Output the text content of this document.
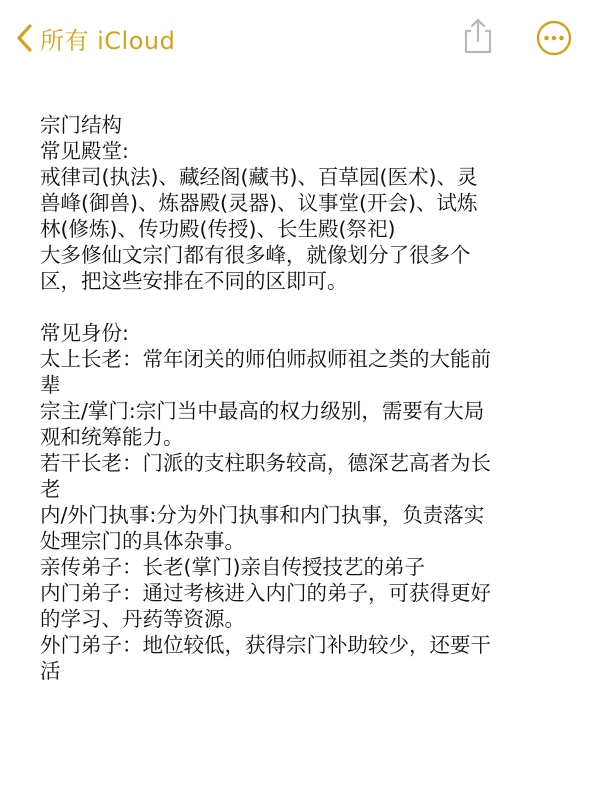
所有 iCloud
宗门结构
常见殿堂:
戒律司(执法)、藏经阁(藏书)、百草园(医术)、灵
兽峰(御兽)、炼器殿(灵器)、议事堂(开会)、试炼
林(修炼)、传功殿(传授)、长生殿(祭祀)
大多修仙文宗门都有很多峰，就像划分了很多个
区，把这些安排在不同的区即可。
常见身份:
太上长老：常年闭关的师伯师叔师祖之类的大能前
辈
宗主/掌门:宗门当中最高的权力级别，需要有大局
观和统筹能力。
若干长老：门派的支柱职务较高，德深艺高者为长
老
内/外门执事:分为外门执事和内门执事，负责落实
处理宗门的具体杂事。
亲传弟子：长老(掌门)亲自传授技艺的弟子
内门弟子：通过考核进入内门的弟子，可获得更好
的学习、丹药等资源。
外门弟子：地位较低，获得宗门补助较少，还要干
活
